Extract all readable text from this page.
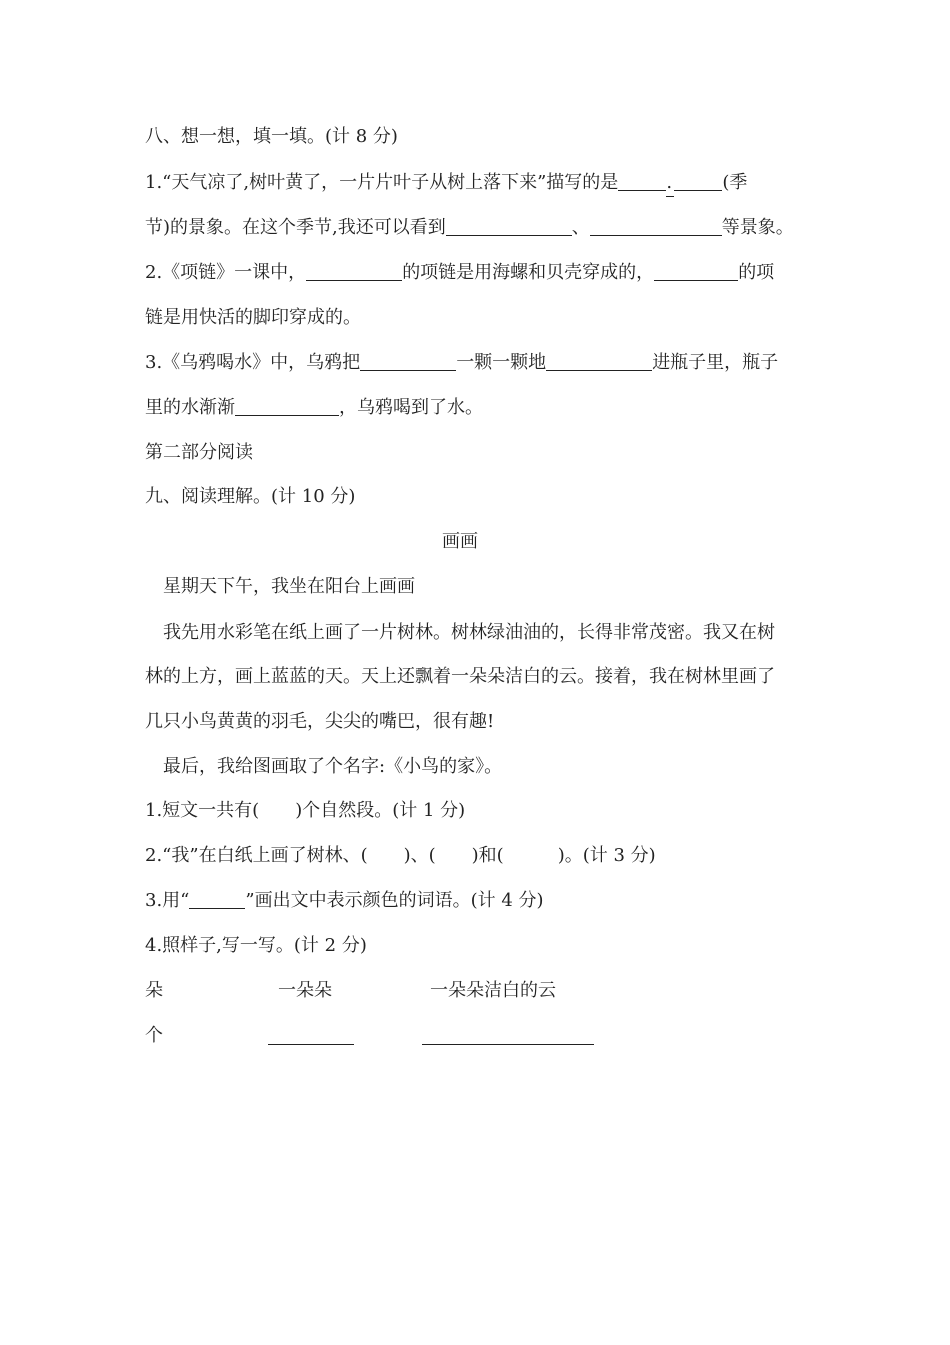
八、想一想，填一填。(计 8 分)
1.“天气凉了,树叶黄了，一片片叶子从树上落下来”描写的是	.	(季
节)的景象。在这个季节,我还可以看到	、	等景象。
2.《项链》一课中，	的项链是用海螺和贝壳穿成的，	的项
链是用快活的脚印穿成的。
3.《乌鸦喝水》中，乌鸦把	一颗一颗地	进瓶子里，瓶子
里的水渐渐	，乌鸦喝到了水。
第二部分阅读
九、阅读理解。(计 10 分)
画画
星期天下午，我坐在阳台上画画
我先用水彩笔在纸上画了一片树林。树林绿油油的，长得非常茂密。我又在树
林的上方，画上蓝蓝的天。天上还飘着一朵朵洁白的云。接着，我在树林里画了
几只小鸟黄黄的羽毛，尖尖的嘴巴，很有趣!
最后，我给图画取了个名字:《小鸟的家》。
1.短文一共有(　　)个自然段。(计 1 分)
2.“我”在白纸上画了树林、(　　)、(　　)和(　　　)。(计 3 分)
3.用“	”画出文中表示颜色的词语。(计 4 分)
4.照样子,写一写。(计 2 分)
朵	一朵朵	一朵朵洁白的云
个
